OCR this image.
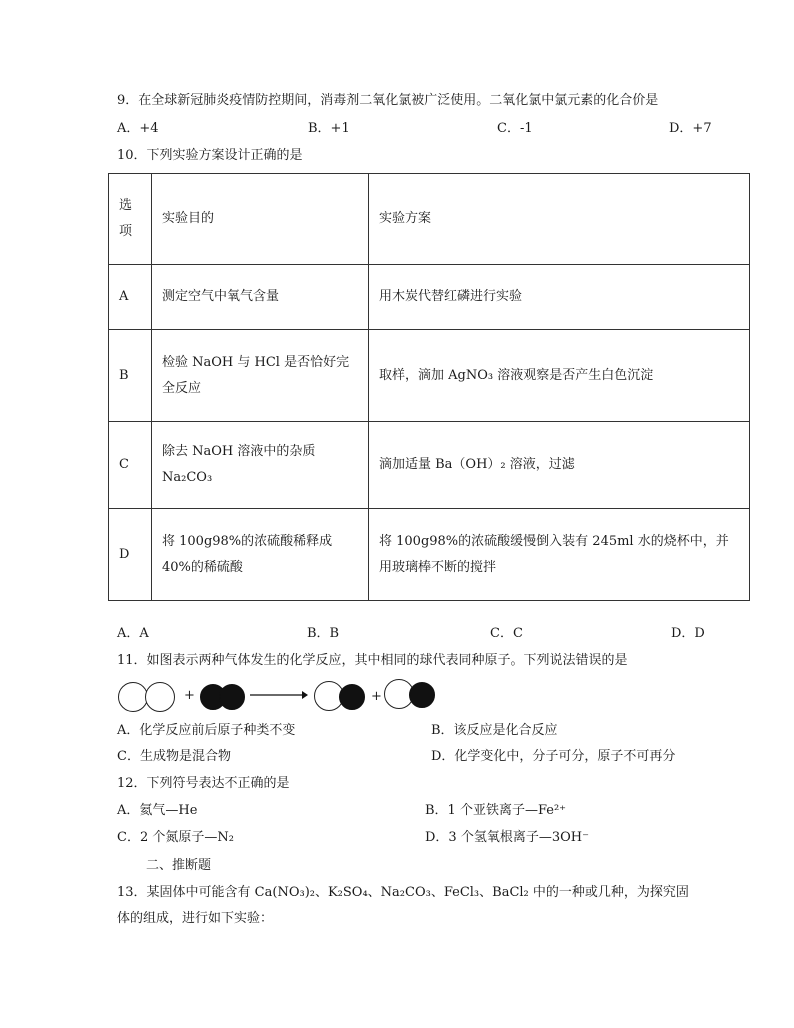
9．在全球新冠肺炎疫情防控期间，消毒剂二氧化氯被广泛使用。二氧化氯中氯元素的化合价是
A．+4	B．+1	C．-1	D．+7
10．下列实验方案设计正确的是
选
项	实验目的	实验方案
A	测定空气中氧气含量	用木炭代替红磷进行实验
B	检验 NaOH 与 HCl 是否恰好完全反应	取样，滴加 AgNO₃ 溶液观察是否产生白色沉淀
C	除去 NaOH 溶液中的杂质 Na₂CO₃	滴加适量 Ba（OH）₂ 溶液，过滤
D	将 100g98%的浓硫酸稀释成 40%的稀硫酸	将 100g98%的浓硫酸缓慢倒入装有 245ml 水的烧杯中，并用玻璃棒不断的搅拌
A．A	B．B	C．C	D．D
11．如图表示两种气体发生的化学反应，其中相同的球代表同种原子。下列说法错误的是
+	+
A．化学反应前后原子种类不变	B．该反应是化合反应
C．生成物是混合物	D．化学变化中，分子可分，原子不可再分
12．下列符号表达不正确的是
A．氦气—He	B．1 个亚铁离子—Fe²⁺
C．2 个氮原子—N₂	D．3 个氢氧根离子—3OH⁻
二、推断题
13．某固体中可能含有 Ca(NO₃)₂、K₂SO₄、Na₂CO₃、FeCl₃、BaCl₂ 中的一种或几种，为探究固
体的组成，进行如下实验：
